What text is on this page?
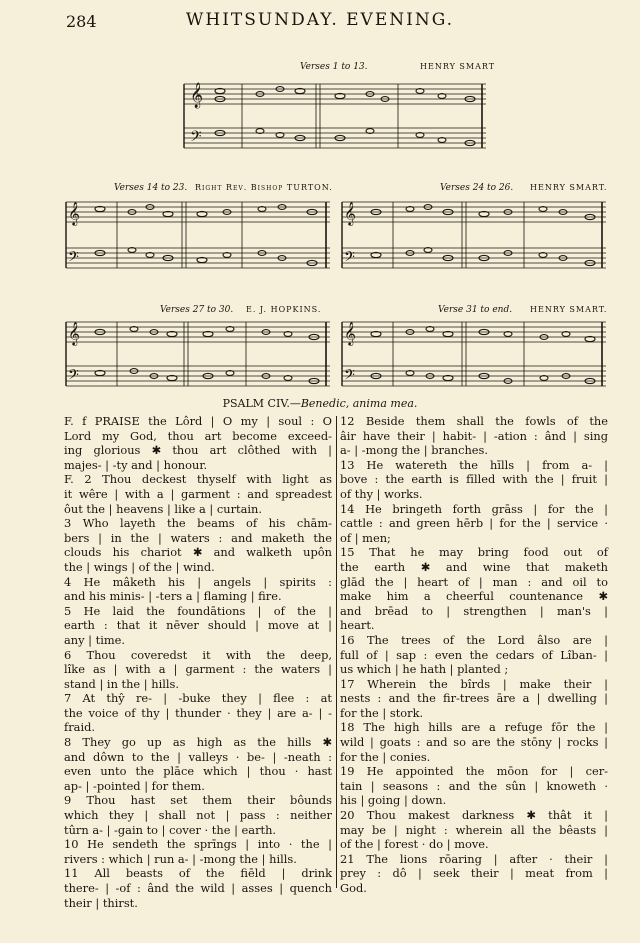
284	WHITSUNDAY. EVENING.
Verses 1 to 13.	HENRY SMART
𝄞
𝄢
Verses 14 to 23. Right Rev. Bishop TURTON.
𝄞
𝄢
Verses 24 to 26. HENRY SMART.
𝄞
𝄢
Verses 27 to 30. E. J. HOPKINS.
𝄞
𝄢
Verse 31 to end. HENRY SMART.
𝄞
𝄢
PSALM CIV.—Benedic, anima mea.

F. f PRAISE the Lôrd | O my | soul : O

Lord my God, thou art become exceed-

ing glorious ✱ thou art clôthed with |

majes- | -ty and | honour.

F. 2 Thou deckest thyself with light as

it wêre | with a | garment : and spreadest

ôut the | heavens | like a | curtain.

3 Who layeth the beams of his chām-

bers | in the | waters : and maketh the

clouds his chariot ✱ and walketh upôn

the | wings | of the | wind.

4 He mâketh his | angels | spirits :

and his minis- | -ters a | flaming | fire.

5 He laid the foundātions | of the |

earth : that it nēver should | move at |

any | time.

6 Thou coveredst it with the deep,

lîke as | with a | garment : the waters |

stand | in the | hills.

7 At thŷ re- | -buke they | flee : at

the voice of thy | thunder · they | are a- | -fraid.

8 They go up as high as the hills ✱

and dôwn to the | valleys · be- | -neath :

even unto the plāce which | thou · hast

ap- | -pointed | for them.

9 Thou hast set them their bôunds

which they | shall not | pass : neither

tûrn a- | -gain to | cover · the | earth.

10 He sendeth the sprīngs | into · the |

rivers : which | run a- | -mong the | hills.

11 All beasts of the fiēld | drink

there- | -of : ând the wild | asses | quench

their | thirst.

12 Beside them shall the fowls of the

âir have their | habit- | -ation : ând | sing

a- | -mong the | branches.

13 He watereth the hīlls | from a- |

bove : the earth is fīlled with the | fruit |

of thy | works.

14 He bringeth forth grāss | for the |

cattle : and green hērb | for the | service ·

of | men;

15 That he may bring food out of

the earth ✱ and wine that maketh

glād the | heart of | man : and oil to

make him a cheerful countenance ✱

and brēad to | strengthen | man's |

heart.

16 The trees of the Lord âlso are |

full of | sap : even the cedars of Lîban- |

us which | he hath | planted ;

17 Wherein the bîrds | make their |

nests : and the fir-trees āre a | dwelling |

for the | stork.

18 The high hills are a refuge fōr the |

wild | goats : and so are the stōny | rocks |

for the | conies.

19 He appointed the mōon for | cer-

tain | seasons : and the sûn | knoweth ·

his | going | down.

20 Thou makest darkness ✱ thât it |

may be | night : wherein all the bêasts |

of the | forest · do | move.

21 The lions rōaring | after · their |

prey : dô | seek their | meat from |

God.
